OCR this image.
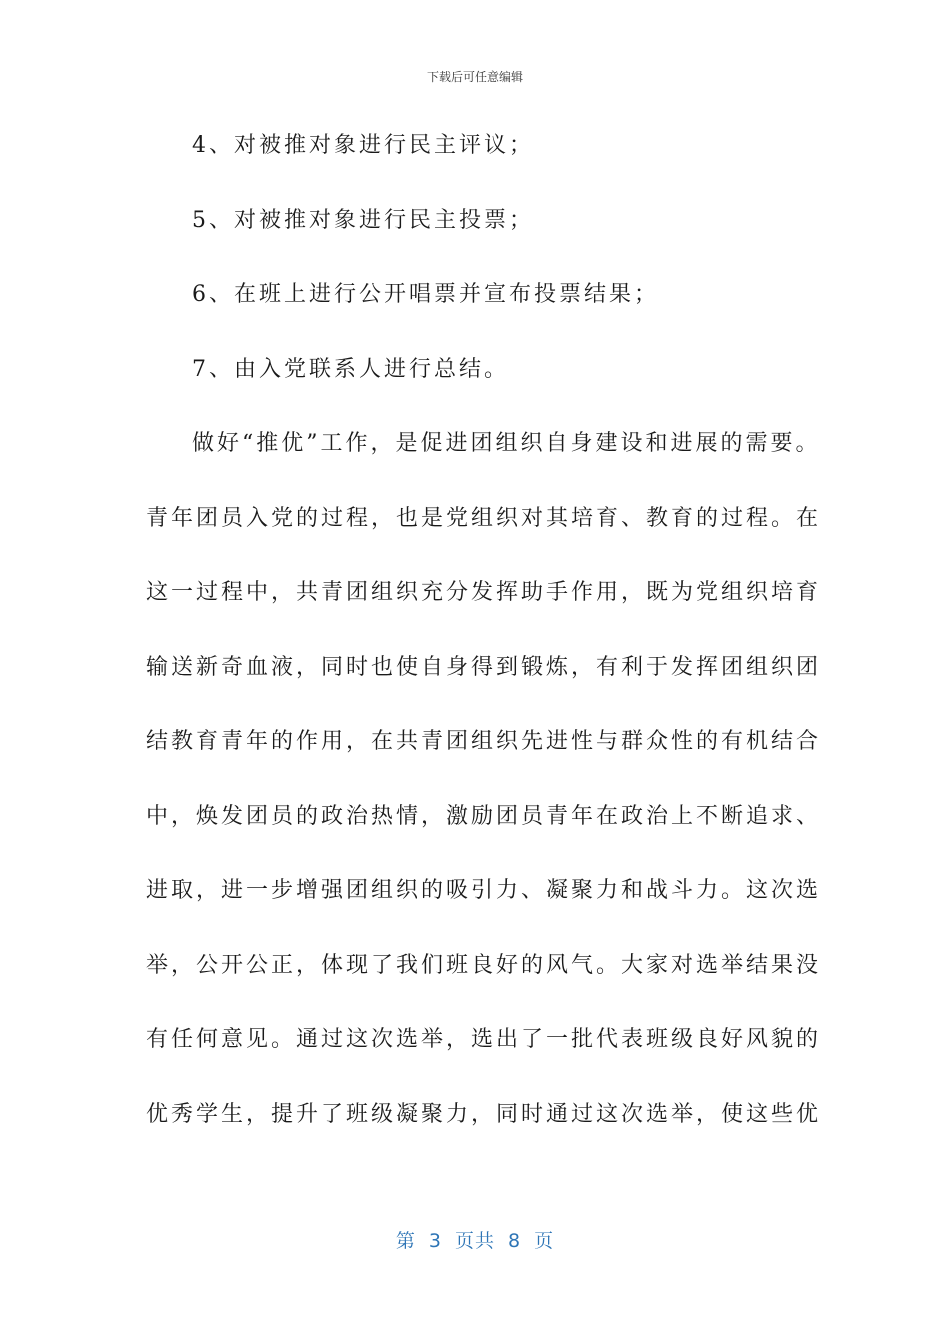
下载后可任意编辑
4、对被推对象进行民主评议；
5、对被推对象进行民主投票；
6、在班上进行公开唱票并宣布投票结果；
7、由入党联系人进行总结。
做好“推优”工作，是促进团组织自身建设和进展的需要。
青年团员入党的过程，也是党组织对其培育、教育的过程。在
这一过程中，共青团组织充分发挥助手作用，既为党组织培育
输送新奇血液，同时也使自身得到锻炼，有利于发挥团组织团
结教育青年的作用，在共青团组织先进性与群众性的有机结合
中，焕发团员的政治热情，激励团员青年在政治上不断追求、
进取，进一步增强团组织的吸引力、凝聚力和战斗力。这次选
举，公开公正，体现了我们班良好的风气。大家对选举结果没
有任何意见。通过这次选举，选出了一批代表班级良好风貌的
优秀学生，提升了班级凝聚力，同时通过这次选举，使这些优
第 3 页共 8 页
